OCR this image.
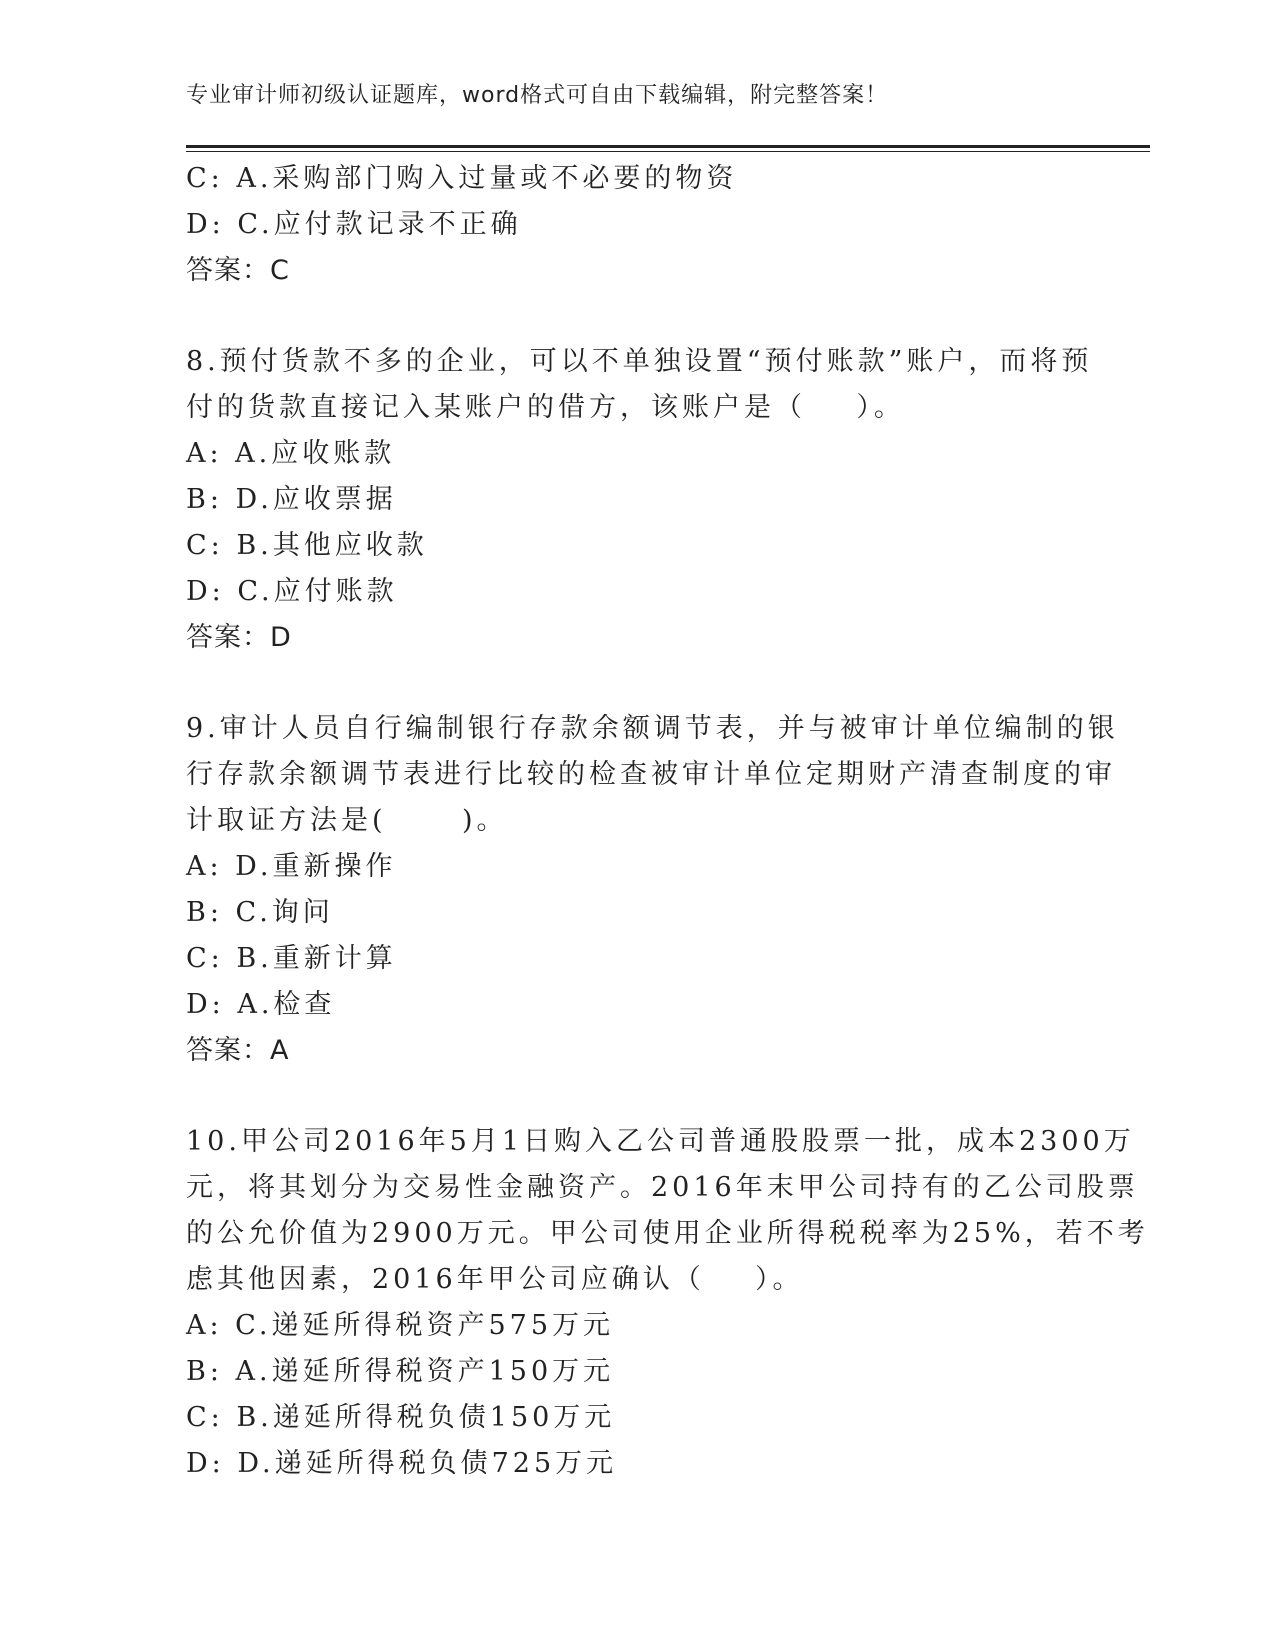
专业审计师初级认证题库，word格式可自由下载编辑，附完整答案！
C: A.采购部门购入过量或不必要的物资
D: C.应付款记录不正确
答案：C
8.预付货款不多的企业，可以不单独设置“预付账款”账户，而将预
付的货款直接记入某账户的借方，该账户是（    ）。
A: A.应收账款
B: D.应收票据
C: B.其他应收款
D: C.应付账款
答案：D
9.审计人员自行编制银行存款余额调节表，并与被审计单位编制的银
行存款余额调节表进行比较的检查被审计单位定期财产清查制度的审
计取证方法是(      )。
A: D.重新操作
B: C.询问
C: B.重新计算
D: A.检查
答案：A
10.甲公司2016年5月1日购入乙公司普通股股票一批，成本2300万
元，将其划分为交易性金融资产。2016年末甲公司持有的乙公司股票
的公允价值为2900万元。甲公司使用企业所得税税率为25%，若不考
虑其他因素，2016年甲公司应确认（    ）。
A: C.递延所得税资产575万元
B: A.递延所得税资产150万元
C: B.递延所得税负债150万元
D: D.递延所得税负债725万元
